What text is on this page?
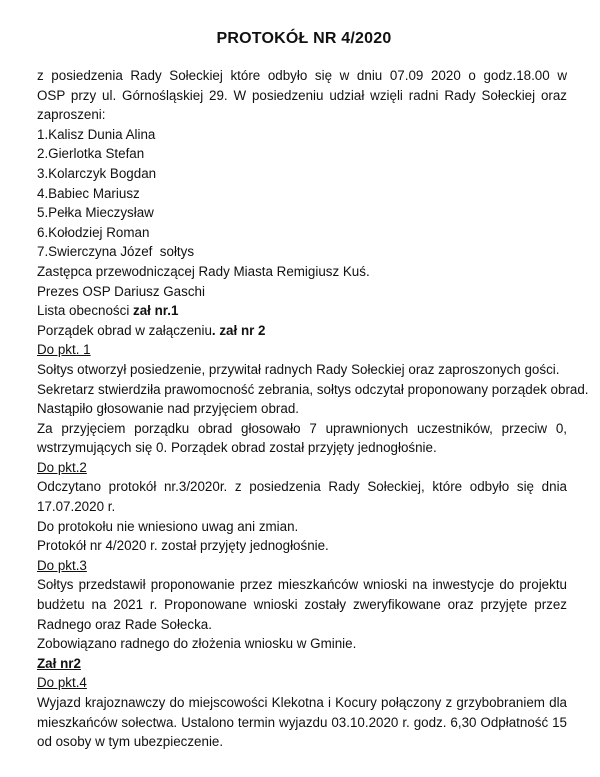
PROTOKÓŁ NR 4/2020
z posiedzenia Rady Sołeckiej które odbyło się w dniu 07.09 2020 o godz.18.00 w
OSP przy ul. Górnośląskiej 29. W posiedzeniu udział wzięli radni Rady Sołeckiej oraz
zaproszeni:
1.Kalisz Dunia Alina
2.Gierlotka Stefan
3.Kolarczyk Bogdan
4.Babiec Mariusz
5.Pełka Mieczysław
6.Kołodziej Roman
7.Swierczyna Józef  sołtys
Zastępca przewodniczącej Rady Miasta Remigiusz Kuś.
Prezes OSP Dariusz Gaschi
Lista obecności zał nr.1
Porządek obrad w załączeniu. zał nr 2
Do pkt. 1
Sołtys otworzył posiedzenie, przywitał radnych Rady Sołeckiej oraz zaproszonych gości.
Sekretarz stwierdziła prawomocność zebrania, sołtys odczytał proponowany porządek obrad.
Nastąpiło głosowanie nad przyjęciem obrad.
Za przyjęciem porządku obrad głosowało 7 uprawnionych uczestników, przeciw 0,
wstrzymujących się 0. Porządek obrad został przyjęty jednogłośnie.
Do pkt.2
Odczytano protokół nr.3/2020r. z posiedzenia Rady Sołeckiej, które odbyło się dnia
17.07.2020 r.
Do protokołu nie wniesiono uwag ani zmian.
Protokół nr 4/2020 r. został przyjęty jednogłośnie.
Do pkt.3
Sołtys przedstawił proponowanie przez mieszkańców wnioski na inwestycje do projektu
budżetu na 2021 r. Proponowane wnioski zostały zweryfikowane oraz przyjęte przez
Radnego oraz Rade Sołecka.
Zobowiązano radnego do złożenia wniosku w Gminie.
Zał nr2
Do pkt.4
Wyjazd krajoznawczy do miejscowości Klekotna i Kocury połączony z grzybobraniem dla
mieszkańców sołectwa. Ustalono termin wyjazdu 03.10.2020 r. godz. 6,30 Odpłatność 15
od osoby w tym ubezpieczenie.
